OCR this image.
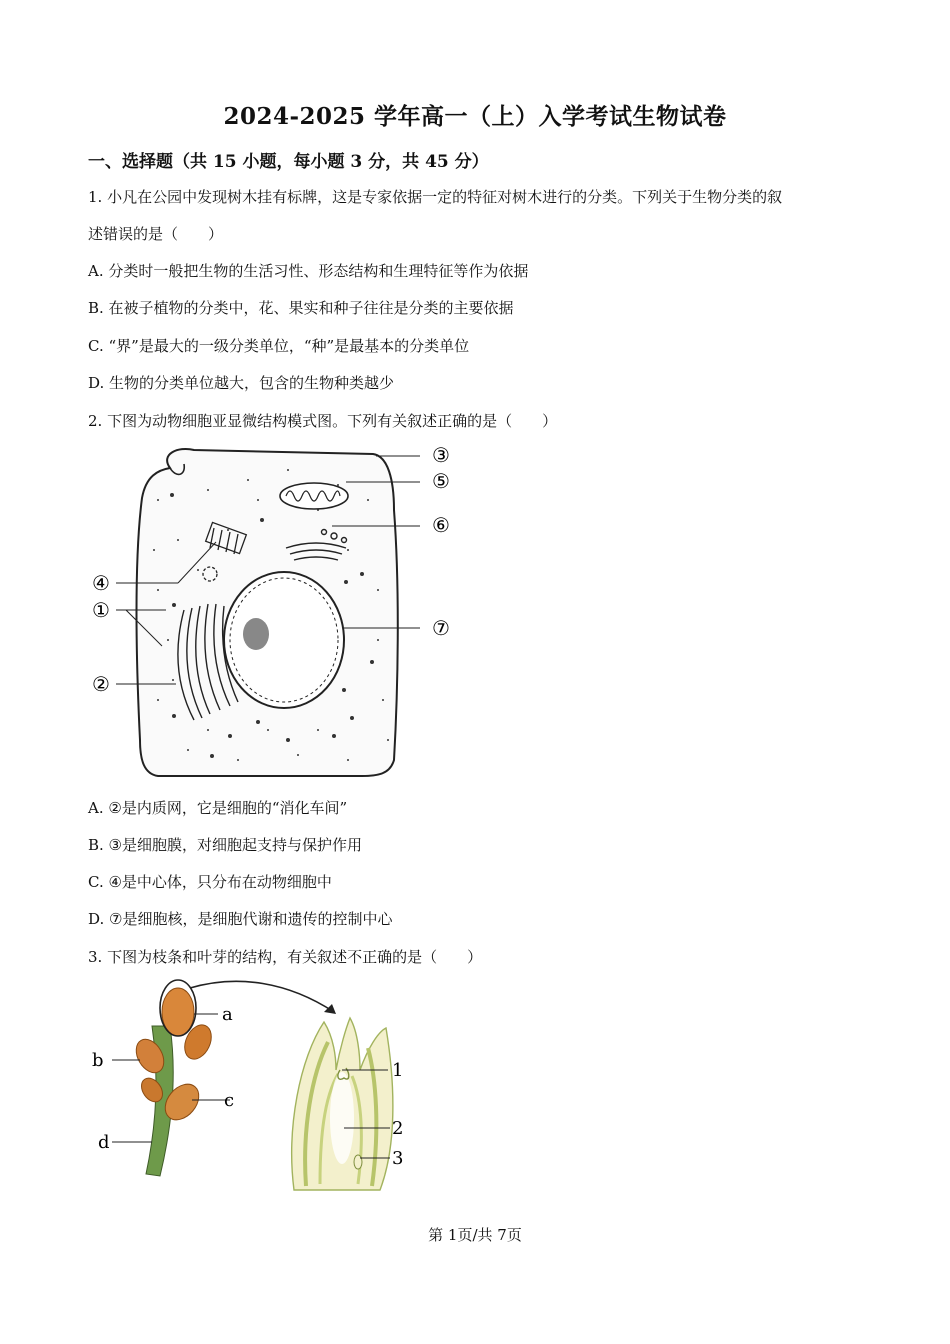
2024-2025 学年高一（上）入学考试生物试卷
一、选择题（共 15 小题，每小题 3 分，共 45 分）
1. 小凡在公园中发现树木挂有标牌，这是专家依据一定的特征对树木进行的分类。下列关于生物分类的叙
述错误的是（　　）
A. 分类时一般把生物的生活习性、形态结构和生理特征等作为依据
B. 在被子植物的分类中，花、果实和种子往往是分类的主要依据
C. “界”是最大的一级分类单位，“种”是最基本的分类单位
D. 生物的分类单位越大，包含的生物种类越少
2. 下图为动物细胞亚显微结构模式图。下列有关叙述正确的是（　　）
③
⑤
⑥
④
①
⑦
②
A. ②是内质网，它是细胞的“消化车间”
B. ③是细胞膜，对细胞起支持与保护作用
C. ④是中心体，只分布在动物细胞中
D. ⑦是细胞核，是细胞代谢和遗传的控制中心
3. 下图为枝条和叶芽的结构，有关叙述不正确的是（　　）
a
b
c
d
1
2
3
第 1页/共 7页
